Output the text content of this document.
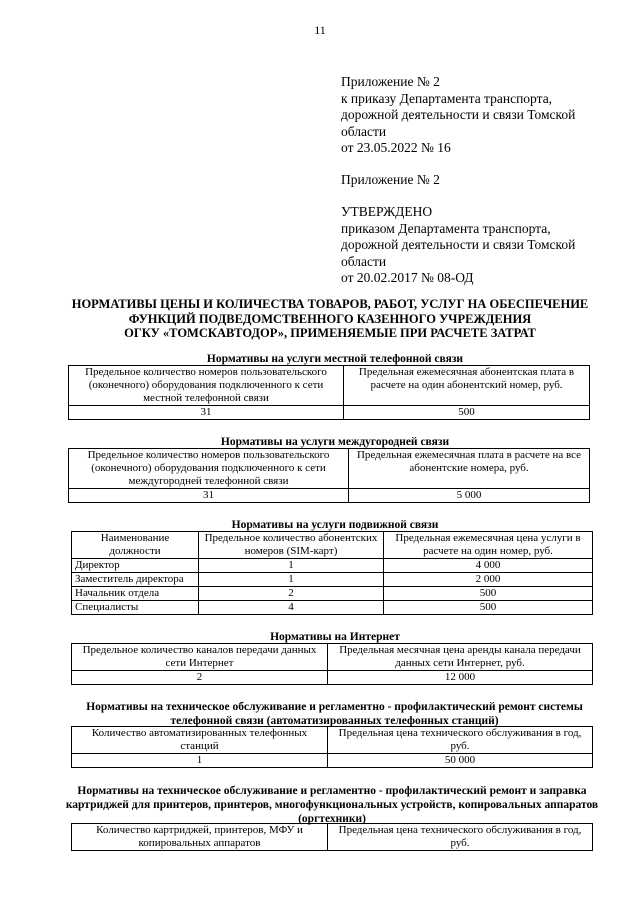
11
Приложение № 2
к приказу Департамента транспорта,
дорожной деятельности и связи Томской
области
от 23.05.2022 № 16
Приложение № 2
УТВЕРЖДЕНО
приказом Департамента транспорта,
дорожной деятельности и связи Томской
области
от 20.02.2017 № 08-ОД
НОРМАТИВЫ ЦЕНЫ И КОЛИЧЕСТВА ТОВАРОВ, РАБОТ, УСЛУГ НА ОБЕСПЕЧЕНИЕ
ФУНКЦИЙ ПОДВЕДОМСТВЕННОГО КАЗЕННОГО УЧРЕЖДЕНИЯ
ОГКУ «ТОМСКАВТОДОР», ПРИМЕНЯЕМЫЕ ПРИ РАСЧЕТЕ ЗАТРАТ
Нормативы на услуги местной телефонной связи
Предельное количество номеров пользовательского (оконечного) оборудования подключенного к сети местной телефонной связи	Предельная ежемесячная абонентская плата в расчете на один абонентский номер, руб.
31	500
Нормативы на услуги междугородней связи
Предельное количество номеров пользовательского (оконечного) оборудования подключенного к сети междугородней телефонной связи	Предельная ежемесячная плата в расчете на все абонентские номера, руб.
31	5 000
Нормативы на услуги подвижной связи
Наименование должности	Предельное количество абонентских номеров (SIM-карт)	Предельная ежемесячная цена услуги в расчете на один номер, руб.
Директор	1	4 000
Заместитель директора	1	2 000
Начальник отдела	2	500
Специалисты	4	500
Нормативы на Интернет
Предельное количество каналов передачи данных сети Интернет	Предельная месячная цена аренды канала передачи данных сети Интернет, руб.
2	12 000
Нормативы на техническое обслуживание и регламентно - профилактический ремонт системы телефонной связи (автоматизированных телефонных станций)
Количество автоматизированных телефонных станций	Предельная цена технического обслуживания в год, руб.
1	50 000
Нормативы на техническое обслуживание и регламентно - профилактический ремонт и заправка картриджей для принтеров, принтеров, многофункциональных устройств, копировальных аппаратов (оргтехники)
Количество картриджей, принтеров, МФУ и копировальных аппаратов	Предельная цена технического обслуживания в год, руб.
